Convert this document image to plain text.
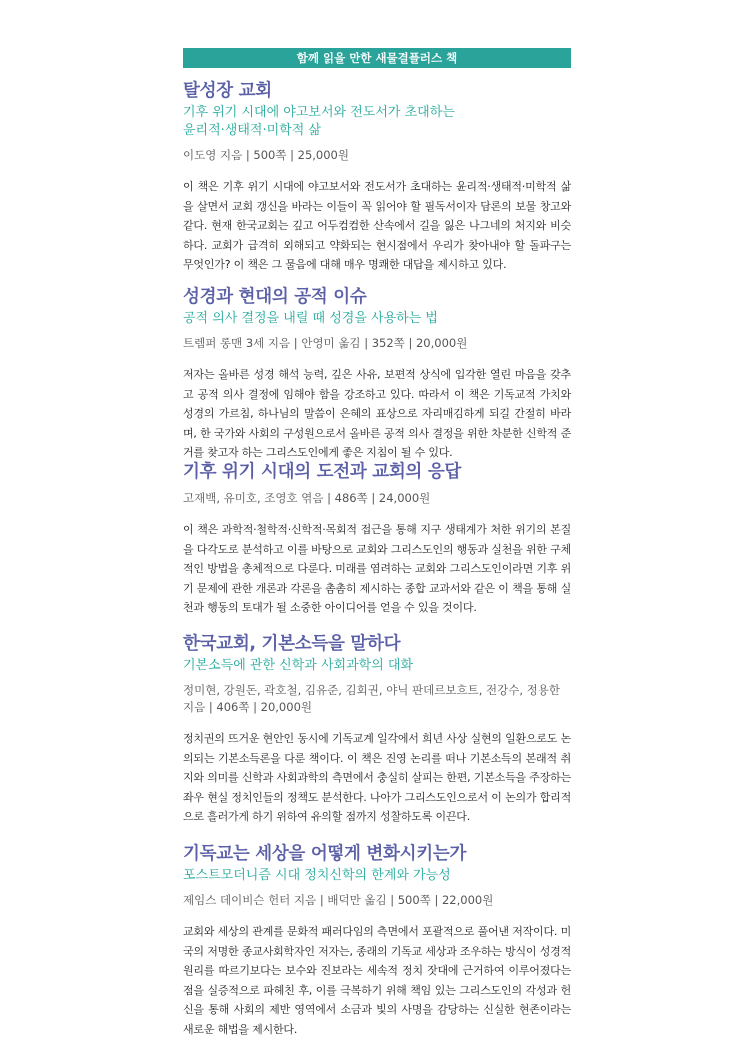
함께 읽을 만한 새물결플러스 책
탈성장 교회
기후 위기 시대에 야고보서와 전도서가 초대하는
윤리적·생태적·미학적 삶

이도영 지음 | 500쪽 | 25,000원

이 책은 기후 위기 시대에 야고보서와 전도서가 초대하는 윤리적·생태적·미학적 삶을 살면서 교회 갱신을 바라는 이들이 꼭 읽어야 할 필독서이자 담론의 보물 창고와 같다. 현재 한국교회는 깊고 어두컴컴한 산속에서 길을 잃은 나그네의 처지와 비슷하다. 교회가 급격히 외해되고 약화되는 현시점에서 우리가 찾아내야 할 돌파구는 무엇인가? 이 책은 그 물음에 대해 매우 명쾌한 대답을 제시하고 있다.

성경과 현대의 공적 이슈
공적 의사 결정을 내릴 때 성경을 사용하는 법

트렘퍼 롱맨 3세 지음 | 안영미 옮김 | 352쪽 | 20,000원

저자는 올바른 성경 해석 능력, 깊은 사유, 보편적 상식에 입각한 열린 마음을 갖추고 공적 의사 결정에 임해야 함을 강조하고 있다. 따라서 이 책은 기독교적 가치와 성경의 가르침, 하나님의 말씀이 은혜의 표상으로 자리매김하게 되길 간절히 바라며, 한 국가와 사회의 구성원으로서 올바른 공적 의사 결정을 위한 차분한 신학적 준거를 찾고자 하는 그리스도인에게 좋은 지침이 될 수 있다.

기후 위기 시대의 도전과 교회의 응답

고재백, 유미호, 조영호 엮음 | 486쪽 | 24,000원

이 책은 과학적·철학적·신학적·목회적 접근을 통해 지구 생태계가 처한 위기의 본질을 다각도로 분석하고 이를 바탕으로 교회와 그리스도인의 행동과 실천을 위한 구체적인 방법을 총체적으로 다룬다. 미래를 염려하는 교회와 그리스도인이라면 기후 위기 문제에 관한 개론과 각론을 촘촘히 제시하는 종합 교과서와 같은 이 책을 통해 실천과 행동의 토대가 될 소중한 아이디어를 얻을 수 있을 것이다.

한국교회, 기본소득을 말하다
기본소득에 관한 신학과 사회과학의 대화

정미현, 강원돈, 곽호철, 김유준, 김회권, 야닉 판데르보흐트, 전강수, 정용한 지음 | 406쪽 | 20,000원

정치권의 뜨거운 현안인 동시에 기독교계 일각에서 희년 사상 실현의 일환으로도 논의되는 기본소득론을 다룬 책이다. 이 책은 진영 논리를 떠나 기본소득의 본래적 취지와 의미를 신학과 사회과학의 측면에서 충실히 살피는 한편, 기본소득을 주장하는 좌우 현실 정치인들의 정책도 분석한다. 나아가 그리스도인으로서 이 논의가 합리적으로 흘러가게 하기 위하여 유의할 점까지 성찰하도록 이끈다.

기독교는 세상을 어떻게 변화시키는가
포스트모더니즘 시대 정치신학의 한계와 가능성

제임스 데이비슨 헌터 지음 | 배덕만 옮김 | 500쪽 | 22,000원

교회와 세상의 관계를 문화적 패러다임의 측면에서 포괄적으로 풀어낸 저작이다. 미국의 저명한 종교사회학자인 저자는, 종래의 기독교 세상과 조우하는 방식이 성경적 원리를 따르기보다는 보수와 진보라는 세속적 정치 잣대에 근거하여 이루어졌다는 점을 실증적으로 파헤친 후, 이를 극복하기 위해 책임 있는 그리스도인의 각성과 헌신을 통해 사회의 제반 영역에서 소금과 빛의 사명을 감당하는 신실한 현존이라는 새로운 해법을 제시한다.
